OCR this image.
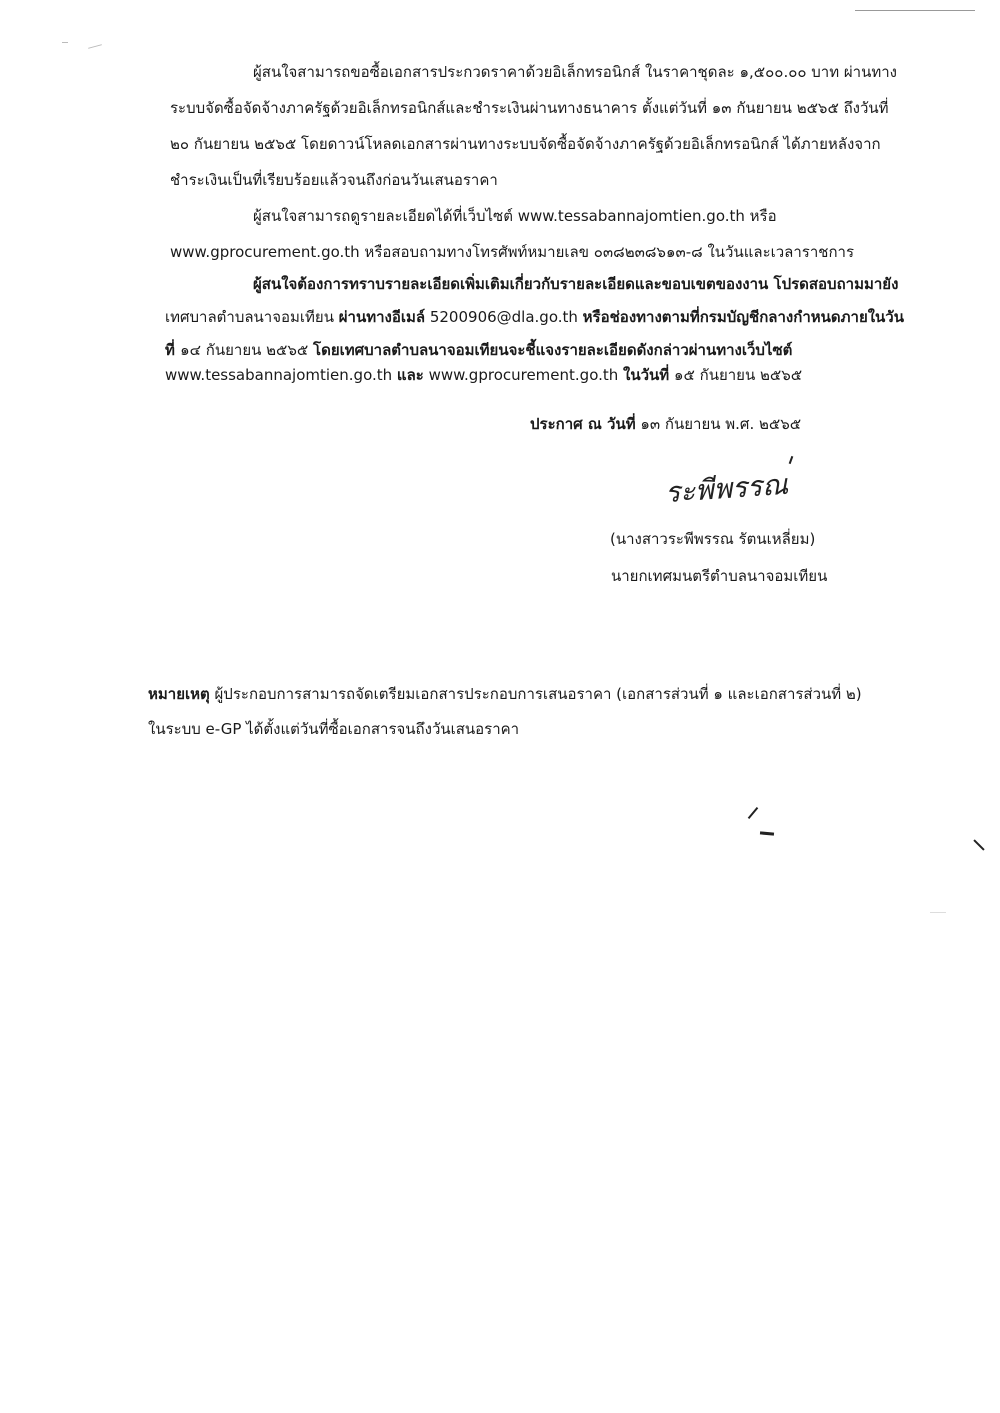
ผู้สนใจสามารถขอซื้อเอกสารประกวดราคาด้วยอิเล็กทรอนิกส์ ในราคาชุดละ ๑,๕๐๐.๐๐ บาท ผ่านทาง
ระบบจัดซื้อจัดจ้างภาครัฐด้วยอิเล็กทรอนิกส์และชำระเงินผ่านทางธนาคาร ตั้งแต่วันที่ ๑๓ กันยายน ๒๕๖๕ ถึงวันที่
๒๐ กันยายน ๒๕๖๕ โดยดาวน์โหลดเอกสารผ่านทางระบบจัดซื้อจัดจ้างภาครัฐด้วยอิเล็กทรอนิกส์ ได้ภายหลังจาก
ชำระเงินเป็นที่เรียบร้อยแล้วจนถึงก่อนวันเสนอราคา
ผู้สนใจสามารถดูรายละเอียดได้ที่เว็บไซต์ www.tessabannajomtien.go.th หรือ
www.gprocurement.go.th หรือสอบถามทางโทรศัพท์หมายเลข ๐๓๘๒๓๘๖๑๓-๘ ในวันและเวลาราชการ
ผู้สนใจต้องการทราบรายละเอียดเพิ่มเติมเกี่ยวกับรายละเอียดและขอบเขตของงาน โปรดสอบถามมายัง
เทศบาลตำบลนาจอมเทียน ผ่านทางอีเมล์ 5200906@dla.go.th หรือช่องทางตามที่กรมบัญชีกลางกำหนดภายในวัน
ที่ ๑๔ กันยายน ๒๕๖๕ โดยเทศบาลตำบลนาจอมเทียนจะชี้แจงรายละเอียดดังกล่าวผ่านทางเว็บไซต์
www.tessabannajomtien.go.th และ www.gprocurement.go.th ในวันที่ ๑๕ กันยายน ๒๕๖๕
ประกาศ ณ วันที่ ๑๓ กันยายน พ.ศ. ๒๕๖๕
ระพีพรรณ
(นางสาวระพีพรรณ รัตนเหลี่ยม)
นายกเทศมนตรีตำบลนาจอมเทียน
หมายเหตุ ผู้ประกอบการสามารถจัดเตรียมเอกสารประกอบการเสนอราคา (เอกสารส่วนที่ ๑ และเอกสารส่วนที่ ๒)
ในระบบ e-GP ได้ตั้งแต่วันที่ซื้อเอกสารจนถึงวันเสนอราคา
